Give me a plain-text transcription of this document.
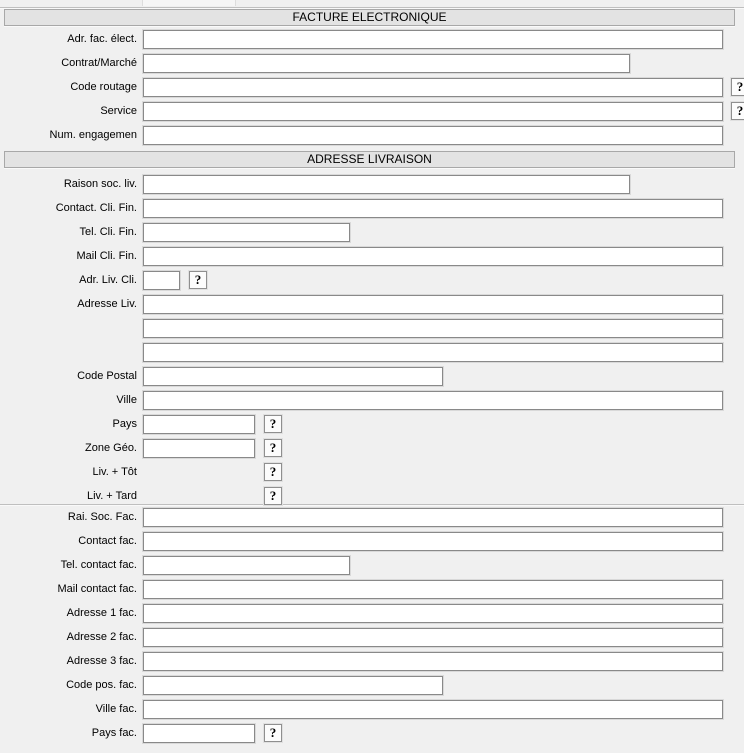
FACTURE ELECTRONIQUE
Adr. fac. élect.
Contrat/Marché
Code routage	?
Service	?
Num. engagemen
ADRESSE LIVRAISON
Raison soc. liv.
Contact. Cli. Fin.
Tel. Cli. Fin.
Mail Cli. Fin.
Adr. Liv. Cli.	?
Adresse Liv.
Code Postal
Ville
Pays	?
Zone Géo.	?
Liv. + Tôt	?
Liv. + Tard	?
Rai. Soc. Fac.
Contact fac.
Tel. contact fac.
Mail contact fac.
Adresse 1 fac.
Adresse 2 fac.
Adresse 3 fac.
Code pos. fac.
Ville fac.
Pays fac.	?
